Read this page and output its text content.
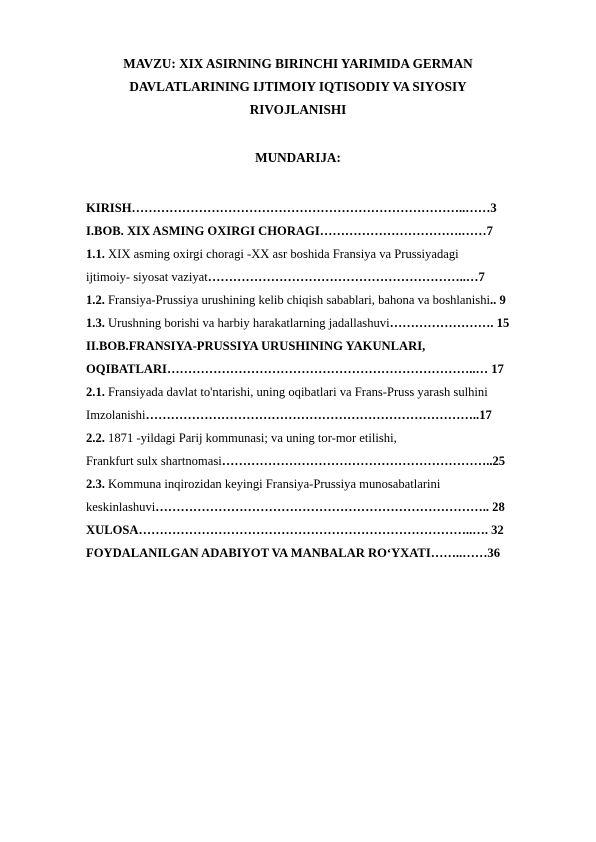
MAVZU: XIX ASIRNING BIRINCHI YARIMIDA GERMAN
DAVLATLARINING IJTIMOIY IQTISODIY VA SIYOSIY
RIVOJLANISHI
MUNDARIJA:
KIRISH……………………………………………………………………..……3
I.BOB. XIX ASMING OXIRGI CHORAGI…………………………….……7
1.1. XIX asming oxirgi choragi -XX asr boshida Fransiya va Prussiyadagi
ijtimoiy- siyosat vaziyat……………………………………………………..…7
1.2. Fransiya-Prussiya urushining kelib chiqish sabablari, bahona va boshlanishi.. 9
1.3. Urushning borishi va harbiy harakatlarning jadallashuvi……………………. 15
II.BOB.FRANSIYA-PRUSSIYA URUSHINING YAKUNLARI,
OQIBATLARI………………………………………………………………..… 17
2.1. Fransiyada davlat to'ntarishi, uning oqibatlari va Frans-Pruss yarash sulhini
Imzolanishi……………………………………………………………………..17
2.2. 1871 -yildagi Parij kommunasi; va uning tor-mor etilishi,
Frankfurt sulx shartnomasi………………………………………………………..25
2.3. Kommuna inqirozidan keyingi Fransiya-Prussiya munosabatlarini
keskinlashuvi…………………………………………………………………….. 28
XULOSA……………………………………………………………………..…. 32
FOYDALANILGAN ADABIYOT VA MANBALAR RO‘YXATI……..……36
